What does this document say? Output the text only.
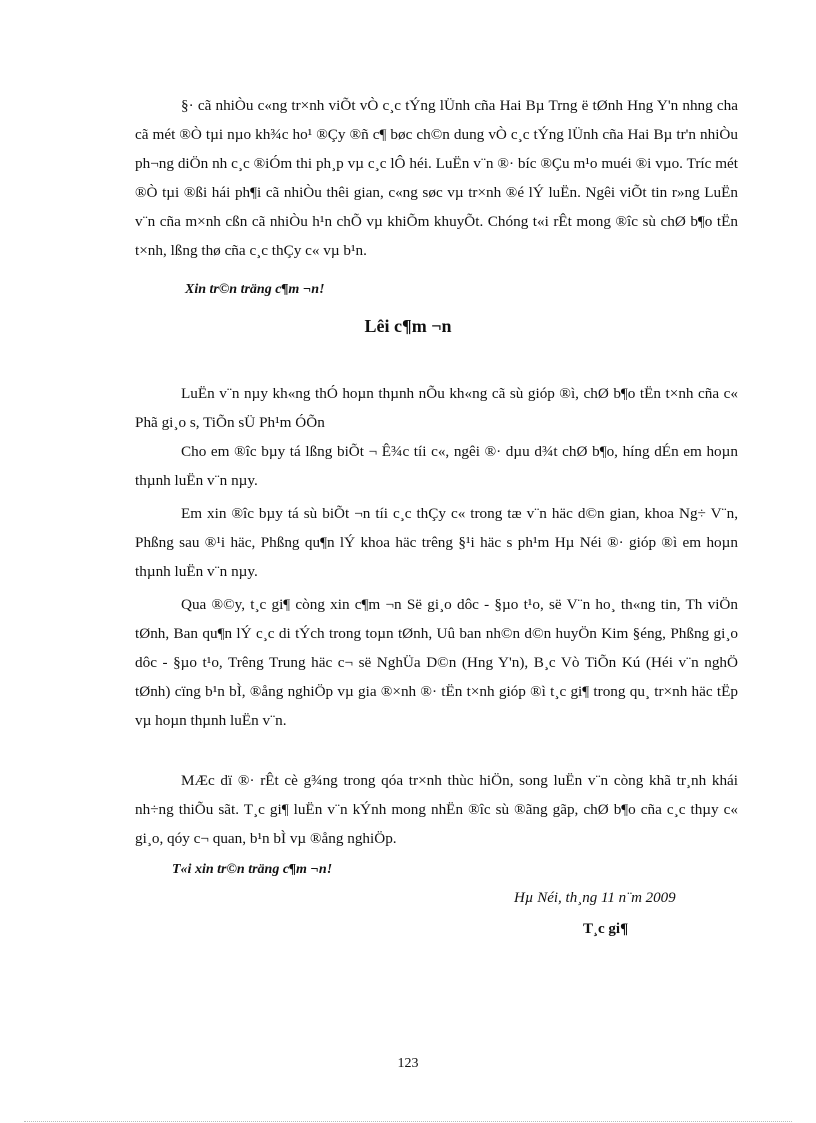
§· cã nhiÒu c«ng tr×nh viÕt vÒ c¸c tÝng lÜnh cña Hai Bµ Trng ë tØnh Hng Y'n nhng cha cã mét ®Ò tµi nµo kh¾c ho¹ ®Çy ®ñ c¶ bøc ch©n dung vÒ c¸c tÝng lÜnh cña Hai Bµ tr'n nhiÒu ph¬ng diÖn nh c¸c ®iÓm thi ph¸p vµ c¸c lÔ héi. LuËn v¨n ®· bíc ®Çu m¹o muéi ®i vµo. Tríc mét ®Ò tµi ®ßi hái ph¶i cã nhiÒu thêi gian, c«ng søc vµ tr×nh ®é lÝ luËn. Ngêi viÕt tin r»ng LuËn v¨n cña m×nh cßn cã nhiÒu h¹n chÕ vµ khiÕm khuyÕt. Chóng t«i rÊt mong ®îc sù chØ b¶o tËn t×nh, lßng thø cña c¸c thÇy c« vµ b¹n.

Xin tr©n träng c¶m ¬n!

Lêi c¶m ¬n

LuËn v¨n nµy kh«ng thÓ hoµn thµnh nÕu kh«ng cã sù gióp ®ì, chØ b¶o tËn t×nh cña c« Phã gi¸o s, TiÕn sÜ Ph¹m ÓÕn

Cho em ®îc bµy tá lßng biÕt ¬ Ê¾c tíi c«, ngêi ®· dµu d¾t chØ b¶o, híng dÉn em hoµn thµnh luËn v¨n nµy.

Em xin ®îc bµy tá sù biÕt ¬n tíi c¸c thÇy c« trong tæ v¨n häc d©n gian, khoa Ng÷ V¨n, Phßng sau ®¹i häc, Phßng qu¶n lÝ khoa häc trêng §¹i häc s ph¹m Hµ Néi ®· gióp ®ì em hoµn thµnh luËn v¨n nµy.

Qua ®©y, t¸c gi¶ còng xin c¶m ¬n Së gi¸o dôc - §µo t¹o, së V¨n ho¸ th«ng tin, Th viÖn tØnh, Ban qu¶n lÝ c¸c di tÝch trong toµn tØnh, Uû ban nh©n d©n huyÖn Kim §éng, Phßng gi¸o dôc - §µo t¹o, Trêng Trung häc c¬ së NghÜa D©n (Hng Y'n), B¸c Vò TiÕn Kú (Héi v¨n nghÖ tØnh) cïng b¹n bÌ, ®ång nghiÖp vµ gia ®×nh ®· tËn t×nh gióp ®ì t¸c gi¶ trong qu¸ tr×nh häc tËp vµ hoµn thµnh luËn v¨n.

MÆc dï ®· rÊt cè g¾ng trong qóa tr×nh thùc hiÖn, song luËn v¨n còng khã tr¸nh khái nh÷ng thiÕu sãt. T¸c gi¶ luËn v¨n kÝnh mong nhËn ®îc sù ®ãng gãp, chØ b¶o cña c¸c thµy c« gi¸o, qóy c¬ quan, b¹n bÌ vµ ®ång nghiÖp.

T«i xin tr©n träng c¶m ¬n!

Hµ Néi, th¸ng 11 n¨m 2009

T¸c gi¶

123
